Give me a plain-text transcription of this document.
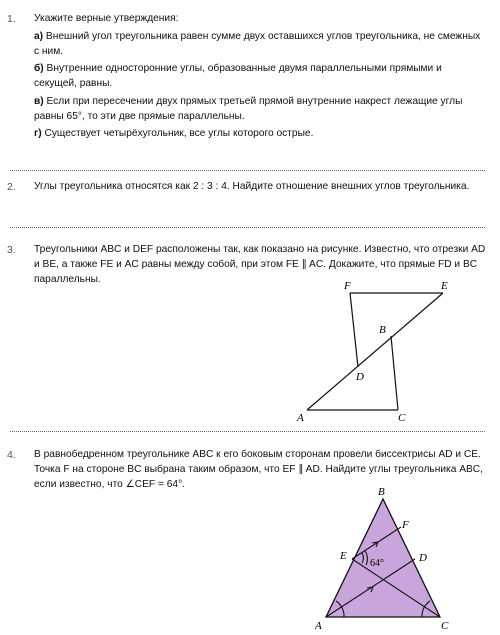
1. Укажите верные утверждения:
а) Внешний угол треугольника равен сумме двух оставшихся углов треугольника, не смежных с ним.
б) Внутренние односторонние углы, образованные двумя параллельными прямыми и секущей, равны.
в) Если при пересечении двух прямых третьей прямой внутренние накрест лежащие углы равны 65°, то эти две прямые параллельны.
г) Существует четырёхугольник, все углы которого острые.
2. Углы треугольника относятся как 2 : 3 : 4. Найдите отношение внешних углов треугольника.
3. Треугольники ABC и DEF расположены так, как показано на рисунке. Известно, что отрезки AD и BE, а также FE и AC равны между собой, при этом FE ∥ AC. Докажите, что прямые FD и BC параллельны.
F	E
B
D
A	C
4. В равнобедренном треугольнике ABC к его боковым сторонам провели биссектрисы AD и CE. Точка F на стороне BC выбрана таким образом, что EF ∥ AD. Найдите углы треугольника ABC, если известно, что ∠CEF = 64°.
B
F
E	D
A	C
64°
